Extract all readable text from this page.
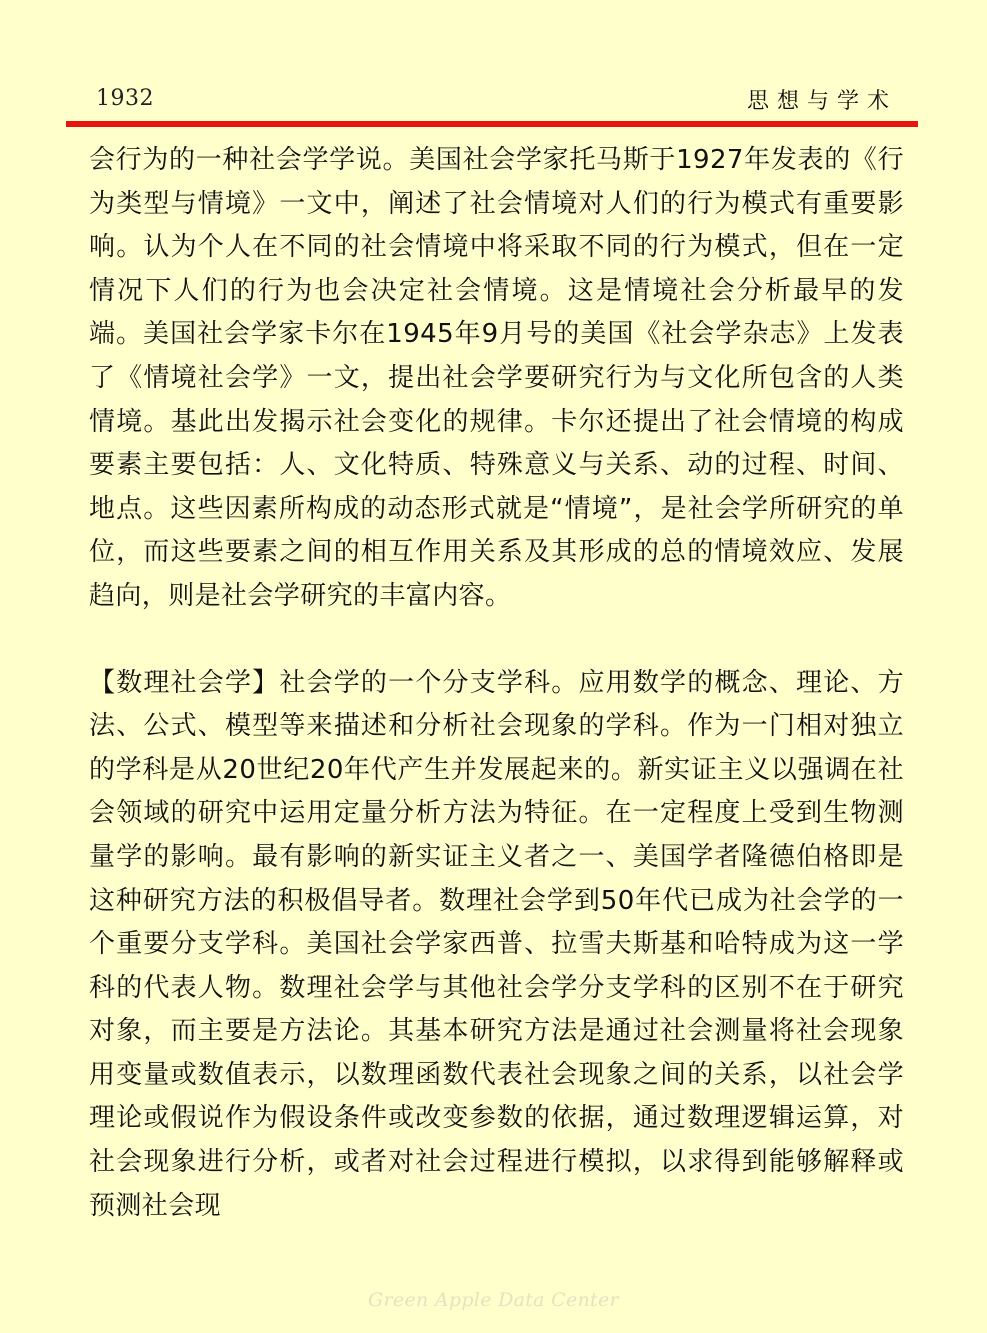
1932	思想与学术

会行为的一种社会学学说。美国社会学家托马斯于1927年发表的《行为类型与情境》一文中，阐述了社会情境对人们的行为模式有重要影响。认为个人在不同的社会情境中将采取不同的行为模式，但在一定情况下人们的行为也会决定社会情境。这是情境社会分析最早的发端。美国社会学家卡尔在1945年9月号的美国《社会学杂志》上发表了《情境社会学》一文，提出社会学要研究行为与文化所包含的人类情境。基此出发揭示社会变化的规律。卡尔还提出了社会情境的构成要素主要包括：人、文化特质、特殊意义与关系、动的过程、时间、地点。这些因素所构成的动态形式就是“情境”，是社会学所研究的单位，而这些要素之间的相互作用关系及其形成的总的情境效应、发展趋向，则是社会学研究的丰富内容。

【数理社会学】社会学的一个分支学科。应用数学的概念、理论、方法、公式、模型等来描述和分析社会现象的学科。作为一门相对独立的学科是从20世纪20年代产生并发展起来的。新实证主义以强调在社会领域的研究中运用定量分析方法为特征。在一定程度上受到生物测量学的影响。最有影响的新实证主义者之一、美国学者隆德伯格即是这种研究方法的积极倡导者。数理社会学到50年代已成为社会学的一个重要分支学科。美国社会学家西普、拉雪夫斯基和哈特成为这一学科的代表人物。数理社会学与其他社会学分支学科的区别不在于研究对象，而主要是方法论。其基本研究方法是通过社会测量将社会现象用变量或数值表示，以数理函数代表社会现象之间的关系，以社会学理论或假说作为假设条件或改变参数的依据，通过数理逻辑运算，对社会现象进行分析，或者对社会过程进行模拟，以求得到能够解释或预测社会现

Green Apple Data Center
